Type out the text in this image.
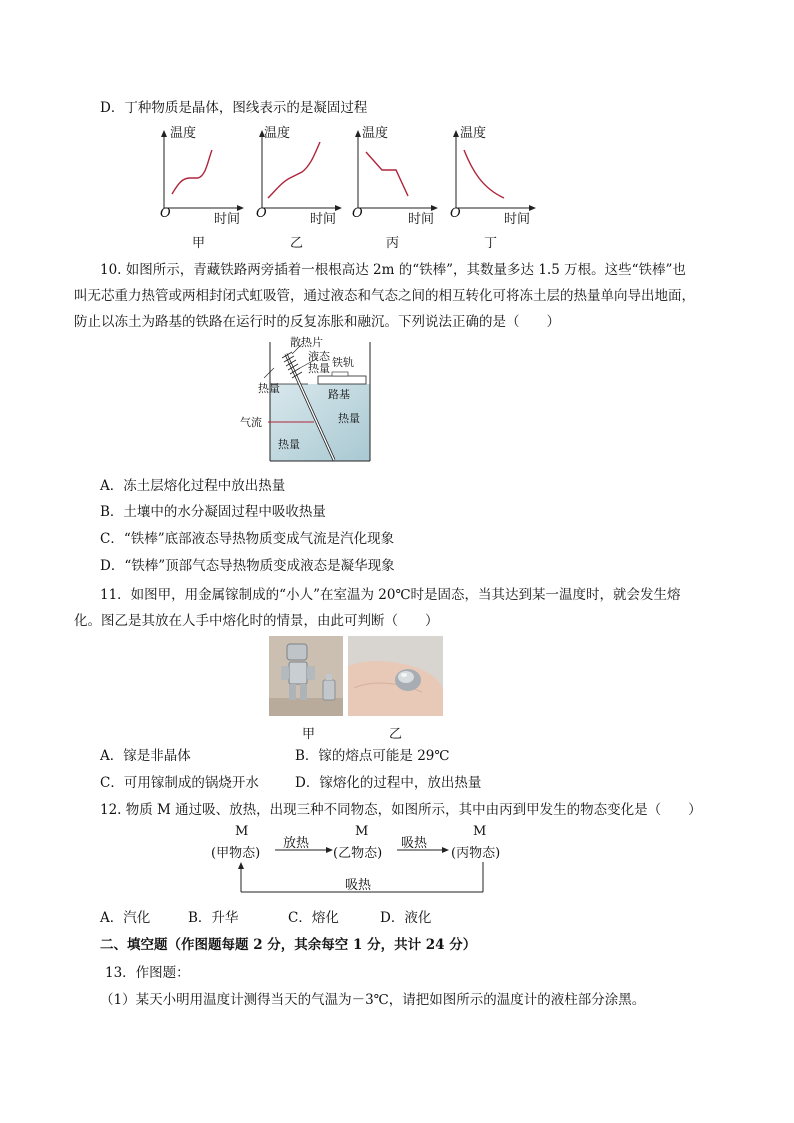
D．丁种物质是晶体，图线表示的是凝固过程
温度
O	时间
甲
温度
O	时间
乙
温度
O	时间
丙
温度
O	时间
丁
10. 如图所示，青藏铁路两旁插着一根根高达 2m 的“铁棒”，其数量多达 1.5 万根。这些“铁棒”也
叫无芯重力热管或两相封闭式虹吸管，通过液态和气态之间的相互转化可将冻土层的热量单向导出地面，
防止以冻土为路基的铁路在运行时的反复冻胀和融沉。下列说法正确的是（　　）
散热片
液态
热量 铁轨
热量	路基
气流	热量
热量
A．冻土层熔化过程中放出热量
B．土壤中的水分凝固过程中吸收热量
C．“铁棒”底部液态导热物质变成气流是汽化现象
D．“铁棒”顶部气态导热物质变成液态是凝华现象
11．如图甲，用金属镓制成的“小人”在室温为 20℃时是固态，当其达到某一温度时，就会发生熔
化。图乙是其放在人手中熔化时的情景，由此可判断（　　）
甲	乙
A．镓是非晶体	B．镓的熔点可能是 29℃
C．可用镓制成的锅烧开水	D．镓熔化的过程中，放出热量
12. 物质 M 通过吸、放热，出现三种不同物态，如图所示，其中由丙到甲发生的物态变化是（　　）
M
(甲物态)
放热
M
(乙物态)
吸热
M
(丙物态)
吸热
A．汽化	B．升华	C．熔化	D．液化
二、填空题（作图题每题 2 分，其余每空 1 分，共计 24 分）
13．作图题：
（1）某天小明用温度计测得当天的气温为－3℃，请把如图所示的温度计的液柱部分涂黑。
